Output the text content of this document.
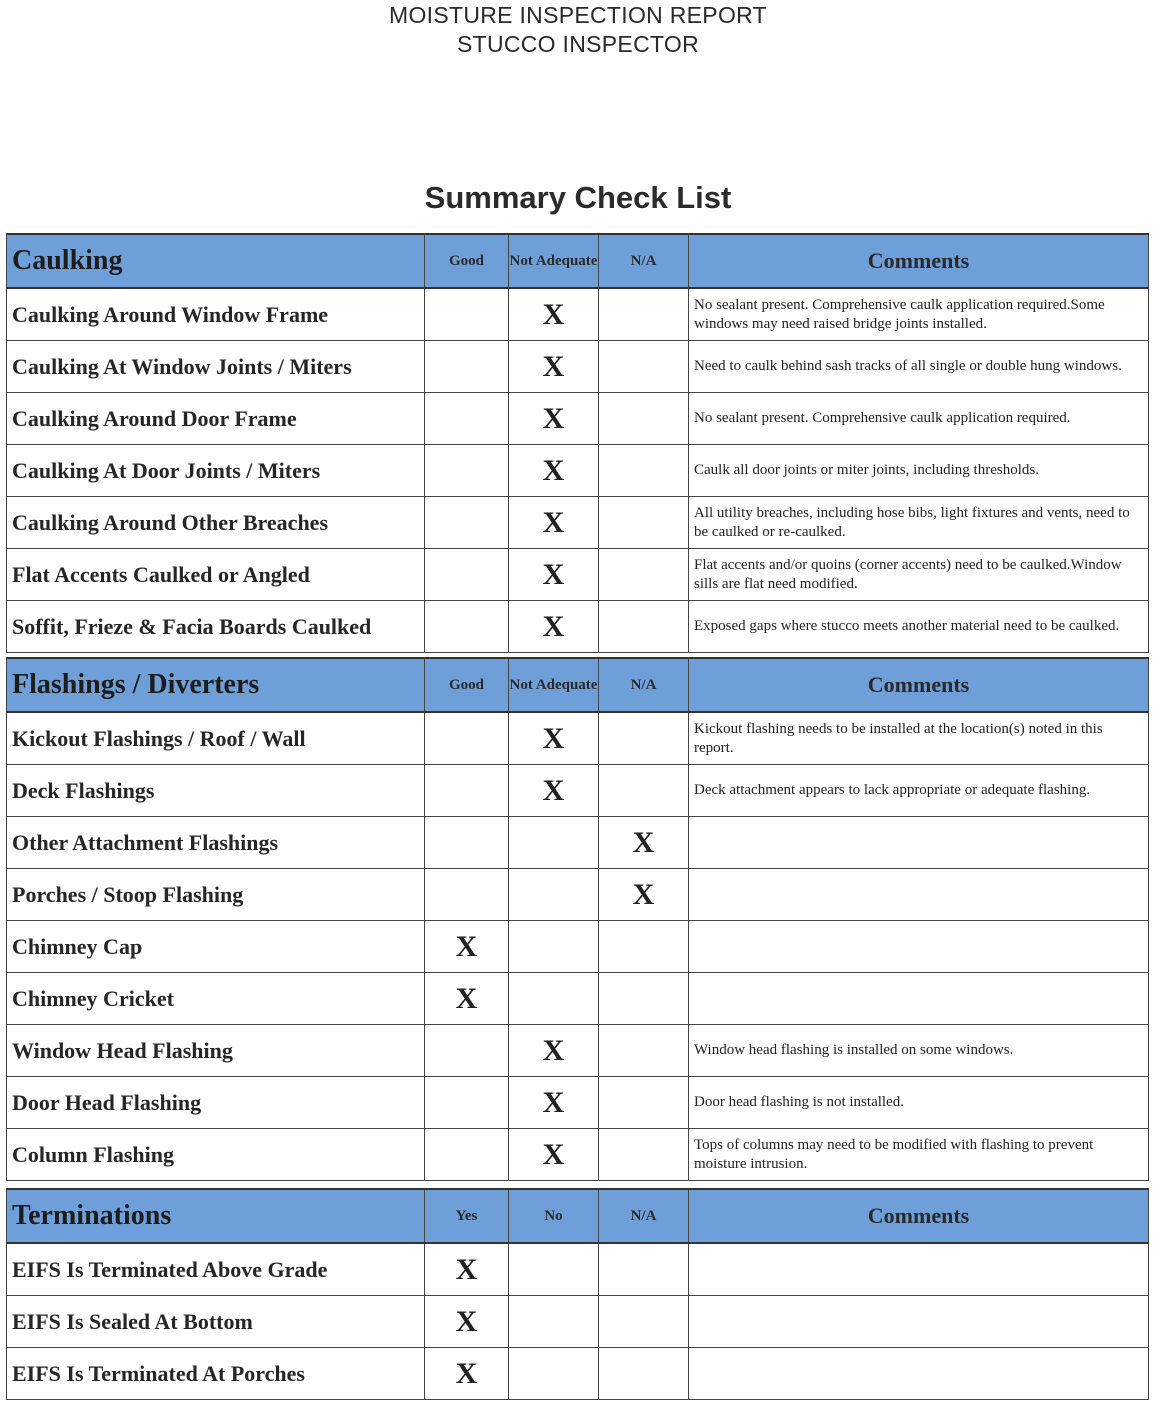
MOISTURE INSPECTION REPORT
STUCCO INSPECTOR
Summary Check List
Caulking	Good	Not Adequate	N/A	Comments
Caulking Around Window Frame		X		No sealant present. Comprehensive caulk application required.Some windows may need raised bridge joints installed.
Caulking At Window Joints / Miters		X		Need to caulk behind sash tracks of all single or double hung windows.
Caulking Around Door Frame		X		No sealant present. Comprehensive caulk application required.
Caulking At Door Joints / Miters		X		Caulk all door joints or miter joints, including thresholds.
Caulking Around Other Breaches		X		All utility breaches, including hose bibs, light fixtures and vents, need to be caulked or re-caulked.
Flat Accents Caulked or Angled		X		Flat accents and/or quoins (corner accents) need to be caulked.Window sills are flat need modified.
Soffit, Frieze & Facia Boards Caulked		X		Exposed gaps where stucco meets another material need to be caulked.
Flashings / Diverters	Good	Not Adequate	N/A	Comments
Kickout Flashings / Roof / Wall		X		Kickout flashing needs to be installed at the location(s) noted in this report.
Deck Flashings		X		Deck attachment appears to lack appropriate or adequate flashing.
Other Attachment Flashings			X	
Porches / Stoop Flashing			X	
Chimney Cap	X			
Chimney Cricket	X			
Window Head Flashing		X		Window head flashing is installed on some windows.
Door Head Flashing		X		Door head flashing is not installed.
Column Flashing		X		Tops of columns may need to be modified with flashing to prevent moisture intrusion.
Terminations	Yes	No	N/A	Comments
EIFS Is Terminated Above Grade	X			
EIFS Is Sealed At Bottom	X			
EIFS Is Terminated At Porches	X			
